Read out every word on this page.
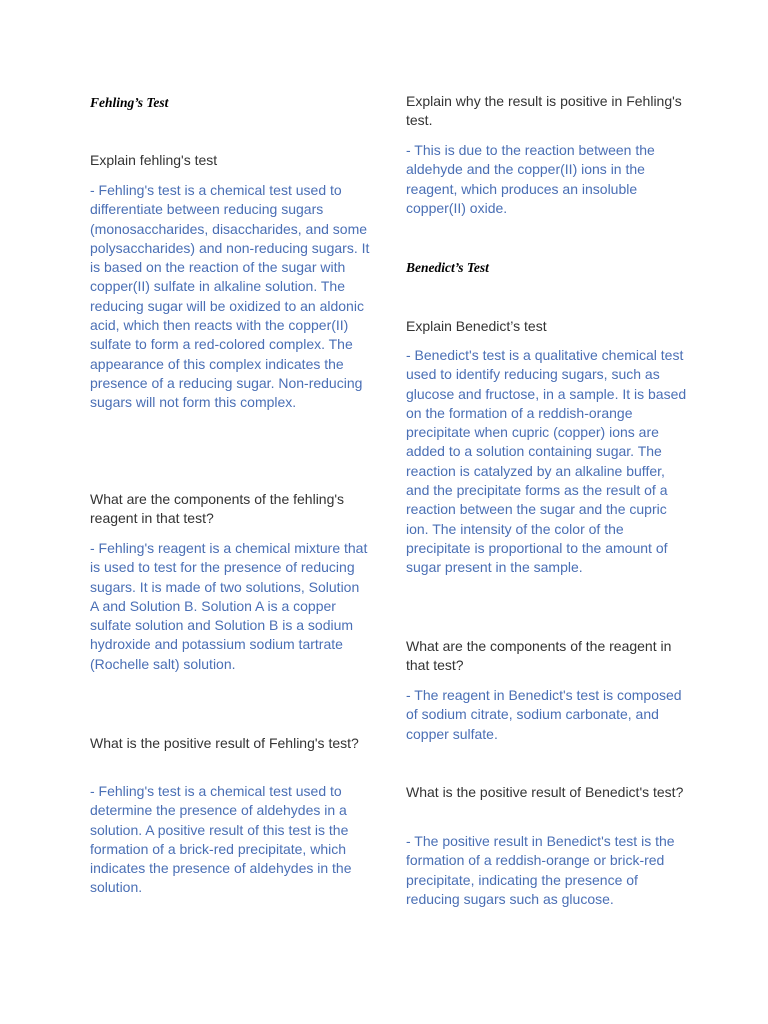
Fehling’s Test

Explain fehling's test

- Fehling's test is a chemical test used to differentiate between reducing sugars (monosaccharides, disaccharides, and some polysaccharides) and non-reducing sugars. It is based on the reaction of the sugar with copper(II) sulfate in alkaline solution. The reducing sugar will be oxidized to an aldonic acid, which then reacts with the copper(II) sulfate to form a red-colored complex. The appearance of this complex indicates the presence of a reducing sugar. Non-reducing sugars will not form this complex.

What are the components of the fehling's reagent in that test?

- Fehling's reagent is a chemical mixture that is used to test for the presence of reducing sugars. It is made of two solutions, Solution A and Solution B. Solution A is a copper sulfate solution and Solution B is a sodium hydroxide and potassium sodium tartrate (Rochelle salt) solution.

What is the positive result of Fehling's test?

- Fehling's test is a chemical test used to determine the presence of aldehydes in a solution. A positive result of this test is the formation of a brick-red precipitate, which indicates the presence of aldehydes in the solution.

Explain why the result is positive in Fehling's test.

- This is due to the reaction between the aldehyde and the copper(II) ions in the reagent, which produces an insoluble copper(II) oxide.

Benedict’s Test

Explain Benedict’s test

- Benedict's test is a qualitative chemical test used to identify reducing sugars, such as glucose and fructose, in a sample. It is based on the formation of a reddish-orange precipitate when cupric (copper) ions are added to a solution containing sugar. The reaction is catalyzed by an alkaline buffer, and the precipitate forms as the result of a reaction between the sugar and the cupric ion. The intensity of the color of the precipitate is proportional to the amount of sugar present in the sample.

What are the components of the reagent in that test?

- The reagent in Benedict's test is composed of sodium citrate, sodium carbonate, and copper sulfate.

What is the positive result of Benedict's test?

- The positive result in Benedict's test is the formation of a reddish-orange or brick-red precipitate, indicating the presence of reducing sugars such as glucose.
